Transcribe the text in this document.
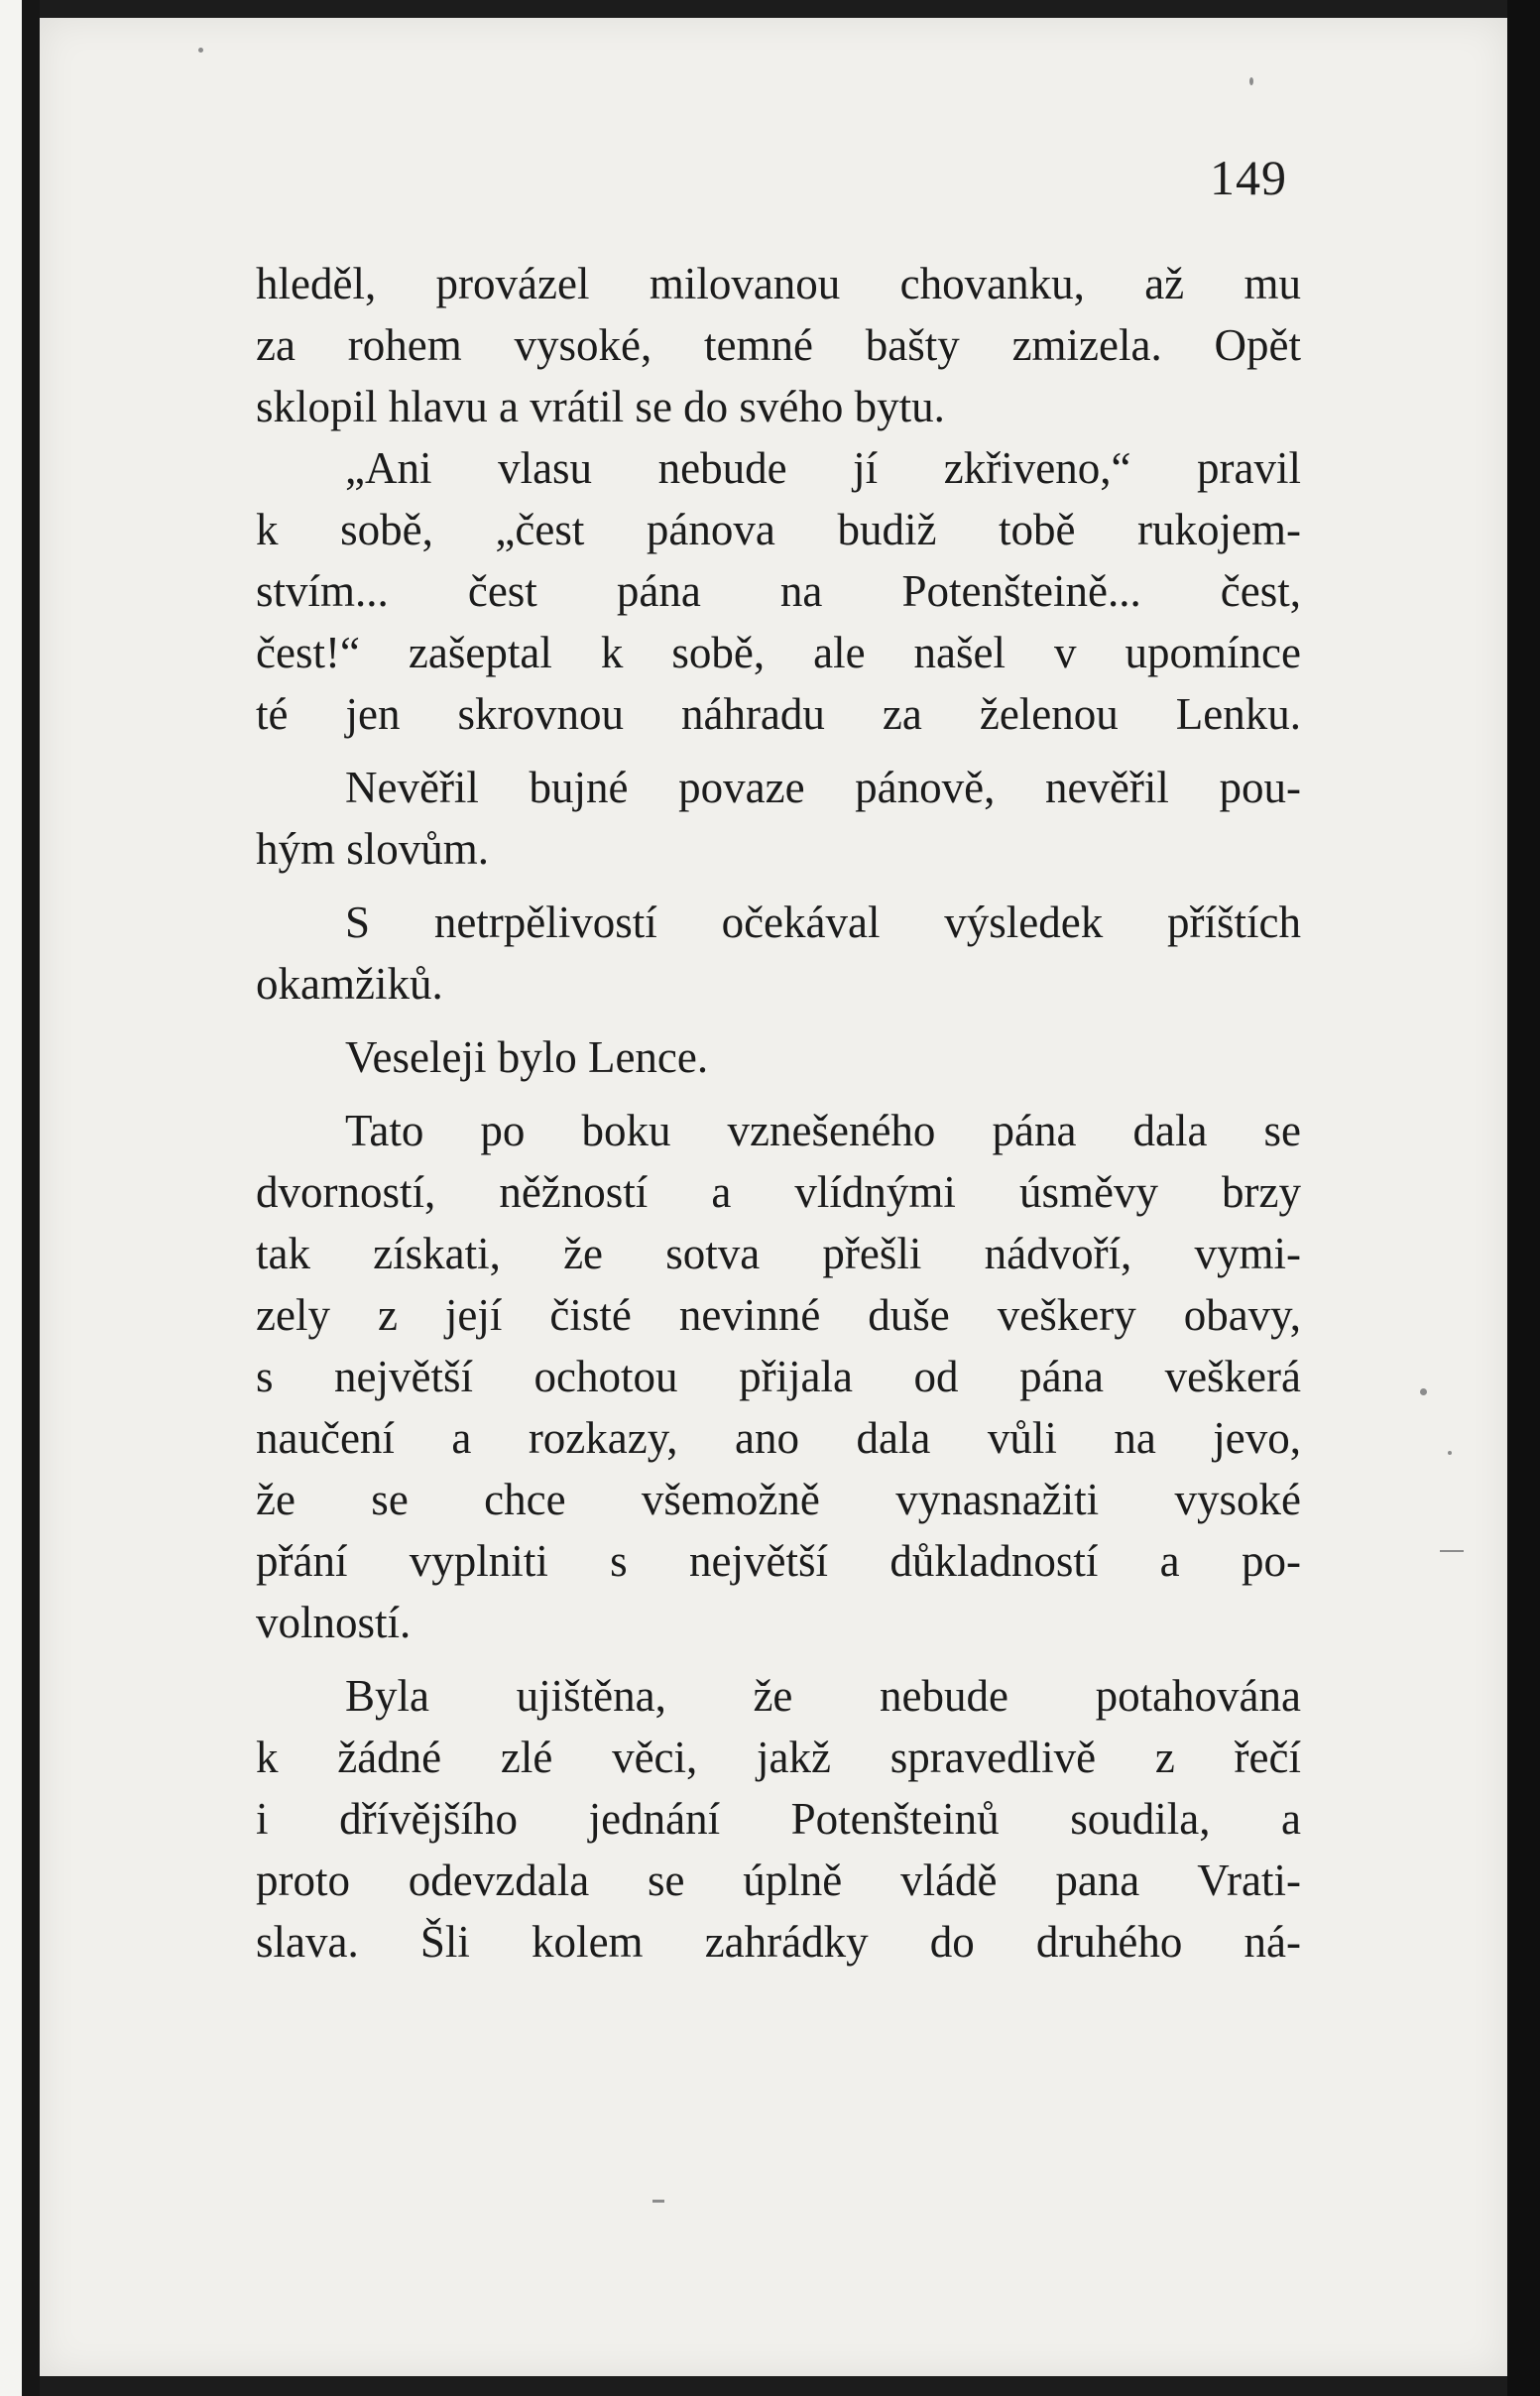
149
hleděl, provázel milovanou chovanku, až mu
za rohem vysoké, temné bašty zmizela. Opět
sklopil hlavu a vrátil se do svého bytu.
„Ani vlasu nebude jí zkřiveno,“ pravil
k sobě, „čest pánova budiž tobě rukojem-
stvím... čest pána na Potenšteině... čest,
čest!“ zašeptal k sobě, ale našel v upomínce
té jen skrovnou náhradu za želenou Lenku.
Nevěřil bujné povaze pánově, nevěřil pou-
hým slovům.
S netrpělivostí očekával výsledek příštích
okamžiků.
Veseleji bylo Lence.
Tato po boku vznešeného pána dala se
dvorností, něžností a vlídnými úsměvy brzy
tak získati, že sotva přešli nádvoří, vymi-
zely z její čisté nevinné duše veškery obavy,
s největší ochotou přijala od pána veškerá
naučení a rozkazy, ano dala vůli na jevo,
že se chce všemožně vynasnažiti vysoké
přání vyplniti s největší důkladností a po-
volností.
Byla ujištěna, že nebude potahována
k žádné zlé věci, jakž spravedlivě z řečí
i dřívějšího jednání Potenšteinů soudila, a
proto odevzdala se úplně vládě pana Vrati-
slava. Šli kolem zahrádky do druhého ná-
